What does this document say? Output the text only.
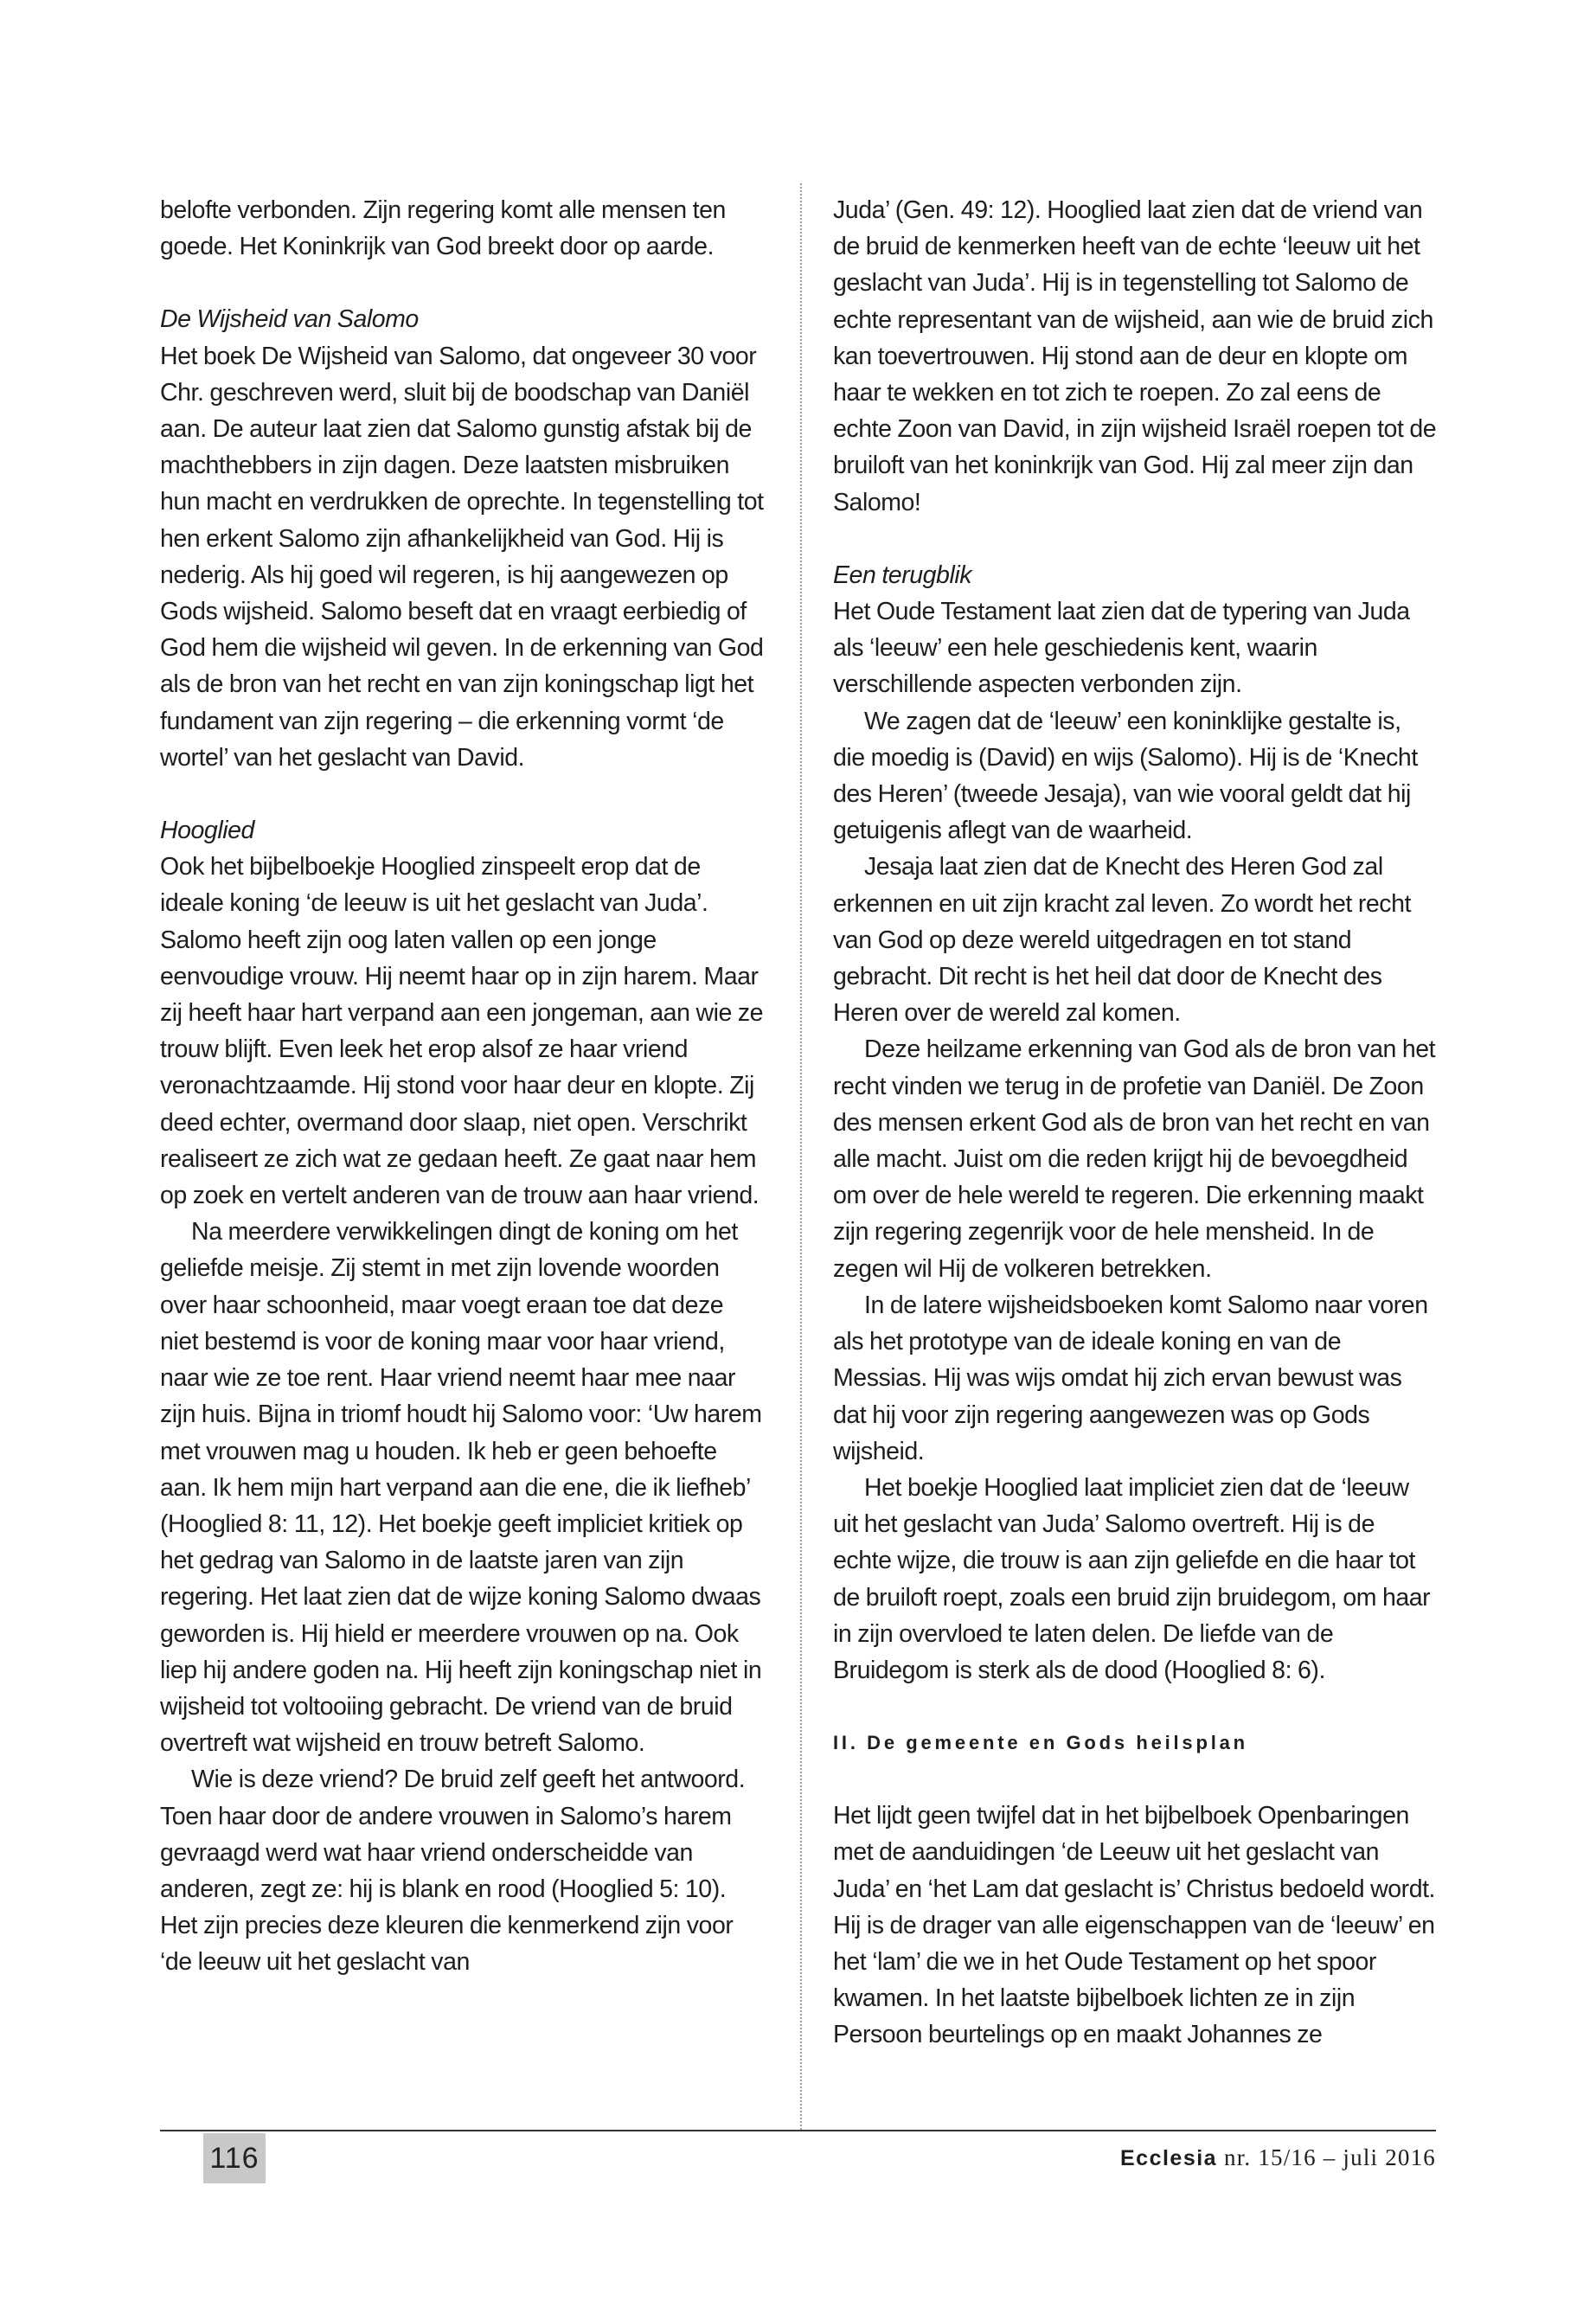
belofte verbonden. Zijn regering komt alle mensen ten goede. Het Koninkrijk van God breekt door op aarde.

De Wijsheid van Salomo

Het boek De Wijsheid van Salomo, dat ongeveer 30 voor Chr. geschreven werd, sluit bij de boodschap van Daniël aan. De auteur laat zien dat Salomo gunstig afstak bij de machthebbers in zijn dagen. Deze laatsten misbruiken hun macht en verdrukken de oprechte. In tegenstelling tot hen erkent Salomo zijn afhankelijkheid van God. Hij is nederig. Als hij goed wil regeren, is hij aangewezen op Gods wijsheid. Salomo beseft dat en vraagt eerbiedig of God hem die wijsheid wil geven. In de erkenning van God als de bron van het recht en van zijn koningschap ligt het fundament van zijn regering – die erkenning vormt ‘de wortel’ van het geslacht van David.

Hooglied

Ook het bijbelboekje Hooglied zinspeelt erop dat de ideale koning ‘de leeuw is uit het geslacht van Juda’. Salomo heeft zijn oog laten vallen op een jonge eenvoudige vrouw. Hij neemt haar op in zijn harem. Maar zij heeft haar hart verpand aan een jongeman, aan wie ze trouw blijft. Even leek het erop alsof ze haar vriend veronachtzaamde. Hij stond voor haar deur en klopte. Zij deed echter, overmand door slaap, niet open. Verschrikt realiseert ze zich wat ze gedaan heeft. Ze gaat naar hem op zoek en vertelt anderen van de trouw aan haar vriend.

Na meerdere verwikkelingen dingt de koning om het geliefde meisje. Zij stemt in met zijn lovende woorden over haar schoonheid, maar voegt eraan toe dat deze niet bestemd is voor de koning maar voor haar vriend, naar wie ze toe rent. Haar vriend neemt haar mee naar zijn huis. Bijna in triomf houdt hij Salomo voor: ‘Uw harem met vrouwen mag u houden. Ik heb er geen behoefte aan. Ik hem mijn hart verpand aan die ene, die ik liefheb’ (Hooglied 8: 11, 12). Het boekje geeft impliciet kritiek op het gedrag van Salomo in de laatste jaren van zijn regering. Het laat zien dat de wijze koning Salomo dwaas geworden is. Hij hield er meerdere vrouwen op na. Ook liep hij andere goden na. Hij heeft zijn koningschap niet in wijsheid tot voltooiing gebracht. De vriend van de bruid overtreft wat wijsheid en trouw betreft Salomo.

Wie is deze vriend? De bruid zelf geeft het antwoord. Toen haar door de andere vrouwen in Salomo’s harem gevraagd werd wat haar vriend onderscheidde van anderen, zegt ze: hij is blank en rood (Hooglied 5: 10). Het zijn precies deze kleuren die kenmerkend zijn voor ‘de leeuw uit het geslacht van

Juda’ (Gen. 49: 12). Hooglied laat zien dat de vriend van de bruid de kenmerken heeft van de echte ‘leeuw uit het geslacht van Juda’. Hij is in tegenstelling tot Salomo de echte representant van de wijsheid, aan wie de bruid zich kan toevertrouwen. Hij stond aan de deur en klopte om haar te wekken en tot zich te roepen. Zo zal eens de echte Zoon van David, in zijn wijsheid Israël roepen tot de bruiloft van het koninkrijk van God. Hij zal meer zijn dan Salomo!

Een terugblik

Het Oude Testament laat zien dat de typering van Juda als ‘leeuw’ een hele geschiedenis kent, waarin verschillende aspecten verbonden zijn.

We zagen dat de ‘leeuw’ een koninklijke gestalte is, die moedig is (David) en wijs (Salomo). Hij is de ‘Knecht des Heren’ (tweede Jesaja), van wie vooral geldt dat hij getuigenis aflegt van de waarheid.

Jesaja laat zien dat de Knecht des Heren God zal erkennen en uit zijn kracht zal leven. Zo wordt het recht van God op deze wereld uitgedragen en tot stand gebracht. Dit recht is het heil dat door de Knecht des Heren over de wereld zal komen.

Deze heilzame erkenning van God als de bron van het recht vinden we terug in de profetie van Daniël. De Zoon des mensen erkent God als de bron van het recht en van alle macht. Juist om die reden krijgt hij de bevoegdheid om over de hele wereld te regeren. Die erkenning maakt zijn regering zegenrijk voor de hele mensheid. In de zegen wil Hij de volkeren betrekken.

In de latere wijsheidsboeken komt Salomo naar voren als het prototype van de ideale koning en van de Messias. Hij was wijs omdat hij zich ervan bewust was dat hij voor zijn regering aangewezen was op Gods wijsheid.

Het boekje Hooglied laat impliciet zien dat de ‘leeuw uit het geslacht van Juda’ Salomo overtreft. Hij is de echte wijze, die trouw is aan zijn geliefde en die haar tot de bruiloft roept, zoals een bruid zijn bruidegom, om haar in zijn overvloed te laten delen. De liefde van de Bruidegom is sterk als de dood (Hooglied 8: 6).

II. De gemeente en Gods heilsplan

Het lijdt geen twijfel dat in het bijbelboek Openbaringen met de aanduidingen ‘de Leeuw uit het geslacht van Juda’ en ‘het Lam dat geslacht is’ Christus bedoeld wordt. Hij is de drager van alle eigenschappen van de ‘leeuw’ en het ‘lam’ die we in het Oude Testament op het spoor kwamen. In het laatste bijbelboek lichten ze in zijn Persoon beurtelings op en maakt Johannes ze

116	Ecclesia nr. 15/16 – juli 2016
